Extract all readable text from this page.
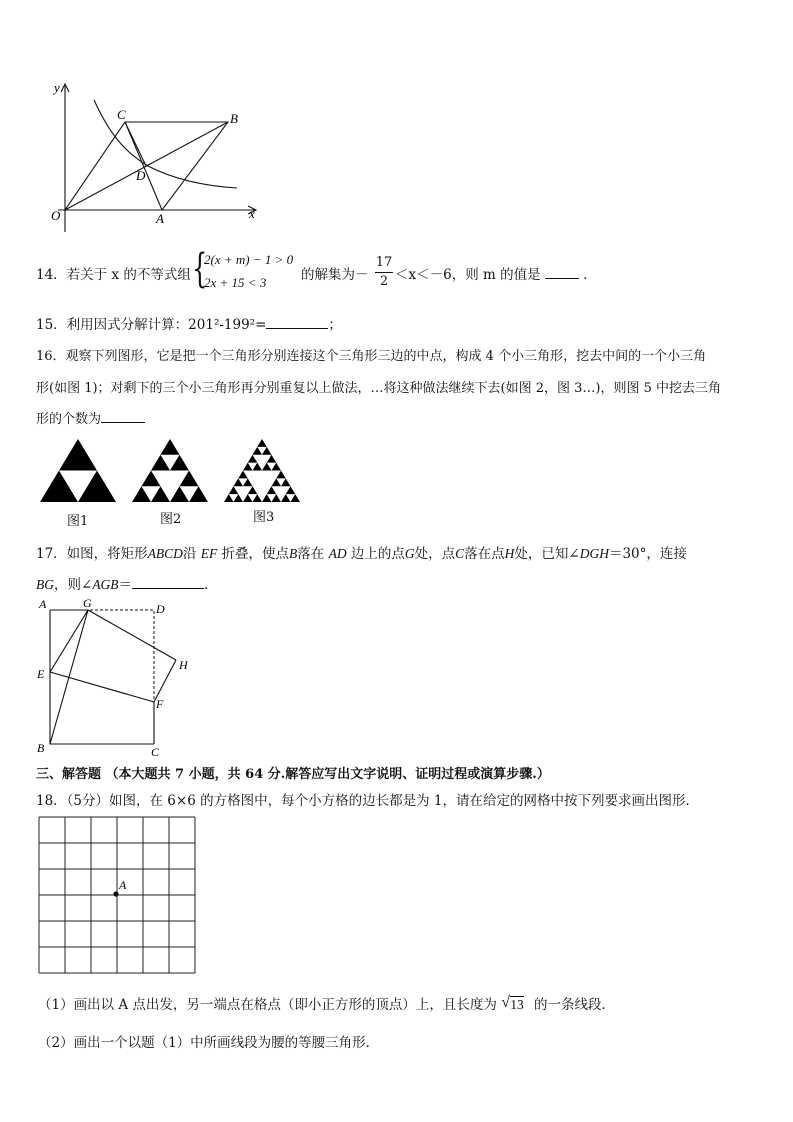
y
x
O	A
B
C
D
14．若关于 x 的不等式组 {
2(x + m) − 1 > 0
2x + 15 < 3	的解集为－ $\frac{17}{2} <x<-6$，则 m 的值是	．
15．利用因式分解计算：201²-199²=	；
16．观察下列图形，它是把一个三角形分别连接这个三角形三边的中点，构成 4 个小三角形，挖去中间的一个小三角
形(如图 1)；对剩下的三个小三角形再分别重复以上做法，…将这种做法继续下去(如图 2，图 3…)，则图 5 中挖去三角
形的个数为
图1	图2	图3
17．如图，将矩形ABCD沿 EF 折叠，使点B落在 AD 边上的点G处，点C落在点H处，已知∠DGH＝30°，连接
BG，则∠AGB＝	．
A	G	D
H
E
F
B	C
三、解答题 （本大题共 7 小题，共 64 分.解答应写出文字说明、证明过程或演算步骤.）
18．（5分）如图，在 6×6 的方格图中，每个小方格的边长都是为 1，请在给定的网格中按下列要求画出图形．
A
（1）画出以 A 点出发，另一端点在格点（即小正方形的顶点）上，且长度为 √ 13 的一条线段．
（2）画出一个以题（1）中所画线段为腰的等腰三角形．
